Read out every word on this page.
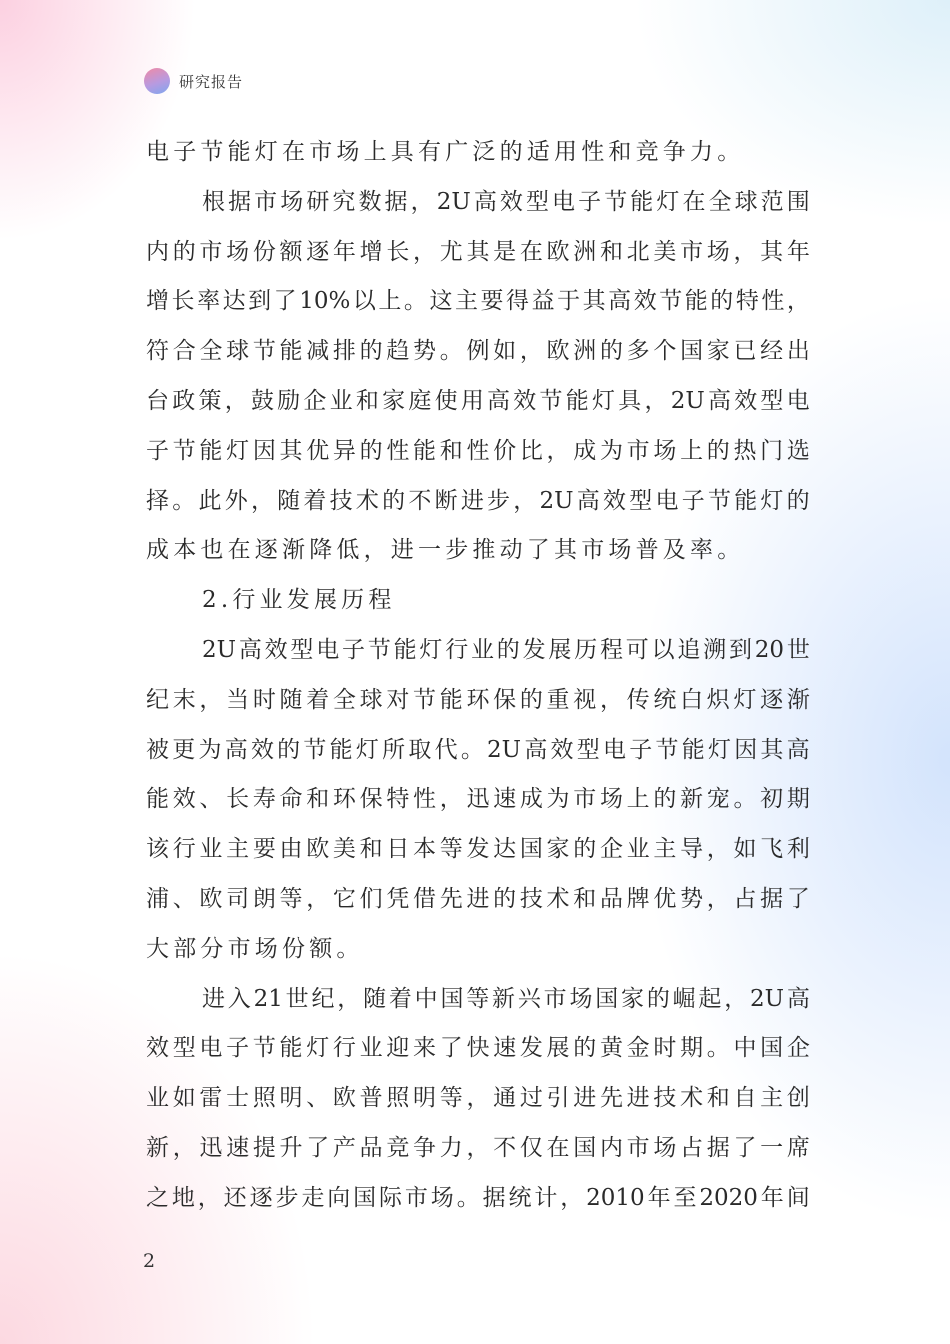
研究报告
电子节能灯在市场上具有广泛的适用性和竞争力。
根 据 市 场 研 究 数 据 ， 2U 高 效 型 电 子 节 能 灯 在 全 球 范 围
内 的 市 场 份 额 逐 年 增 长 ， 尤 其 是 在 欧 洲 和 北 美 市 场 ， 其 年
增 长 率 达 到 了 10% 以 上 。 这 主 要 得 益 于 其 高 效 节 能 的 特 性 ，
符 合 全 球 节 能 减 排 的 趋 势 。 例 如 ， 欧 洲 的 多 个 国 家 已 经 出
台 政 策 ， 鼓 励 企 业 和 家 庭 使 用 高 效 节 能 灯 具 ， 2U 高 效 型 电
子 节 能 灯 因 其 优 异 的 性 能 和 性 价 比 ， 成 为 市 场 上 的 热 门 选
择 。 此 外 ， 随 着 技 术 的 不 断 进 步 ， 2U 高 效 型 电 子 节 能 灯 的
成本也在逐渐降低，进一步推动了其市场普及率。
2.行业发展历程
2U 高 效 型 电 子 节 能 灯 行 业 的 发 展 历 程 可 以 追 溯 到 20 世
纪 末 ， 当 时 随 着 全 球 对 节 能 环 保 的 重 视 ， 传 统 白 炽 灯 逐 渐
被 更 为 高 效 的 节 能 灯 所 取 代 。 2U 高 效 型 电 子 节 能 灯 因 其 高
能 效 、 长 寿 命 和 环 保 特 性 ， 迅 速 成 为 市 场 上 的 新 宠 。 初 期
该 行 业 主 要 由 欧 美 和 日 本 等 发 达 国 家 的 企 业 主 导 ， 如 飞 利
浦 、 欧 司 朗 等 ， 它 们 凭 借 先 进 的 技 术 和 品 牌 优 势 ， 占 据 了
大部分市场份额。
进 入 21 世 纪 ， 随 着 中 国 等 新 兴 市 场 国 家 的 崛 起 ， 2U 高
效 型 电 子 节 能 灯 行 业 迎 来 了 快 速 发 展 的 黄 金 时 期 。 中 国 企
业 如 雷 士 照 明 、 欧 普 照 明 等 ， 通 过 引 进 先 进 技 术 和 自 主 创
新 ， 迅 速 提 升 了 产 品 竞 争 力 ， 不 仅 在 国 内 市 场 占 据 了 一 席
之 地 ， 还 逐 步 走 向 国 际 市 场 。 据 统 计 ， 2010 年 至 2020 年 间
2
